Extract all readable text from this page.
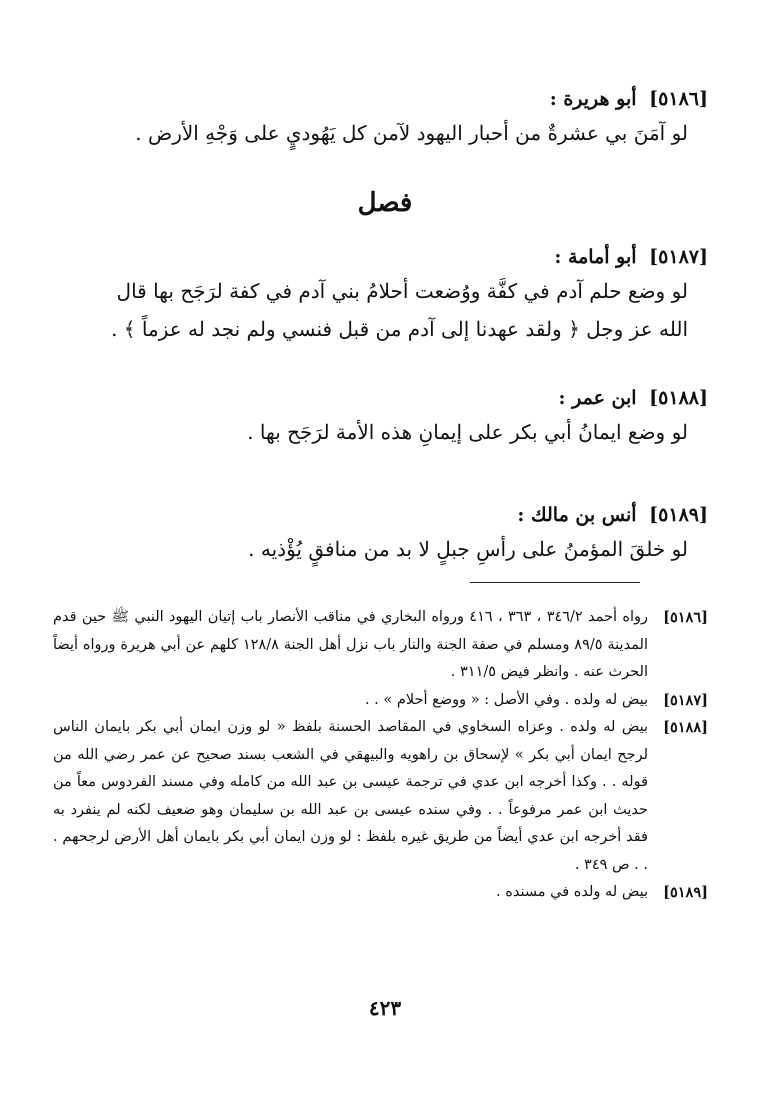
[٥١٨٦] أبو هريرة :
لو آمَنَ بي عشرةٌ من أحبار اليهود لآمن كل يَهُوديٍ على وَجْهِ الأرض .
فصل
[٥١٨٧] أبو أمامة :
لو وضع حلم آدم في كفَّة ووُضعت أحلامُ بني آدم في كفة لرَجَح بها قال
الله عز وجل ﴿ ولقد عهدنا إلى آدم من قبل فنسي ولم نجد له عزماً ﴾ .
[٥١٨٨] ابن عمر :
لو وضع ايمانُ أبي بكر على إيمانِ هذه الأمة لرَجَح بها .
[٥١٨٩] أنس بن مالك :
لو خلقَ المؤمنُ على رأسِ جبلٍ لا بد من منافقٍ يُؤْذيه .
[٥١٨٦]
رواه أحمد ٣٤٦/٢ ، ٣٦٣ ، ٤١٦ ورواه البخاري في مناقب الأنصار باب إتيان اليهود النبي ﷺ حين قدم المدينة ٨٩/٥ ومسلم في صفة الجنة والنار باب نزل أهل الجنة ١٢٨/٨ كلهم عن أبي هريرة ورواه أيضاً الحرث عنه . وانظر فيض ٣١١/٥ .
[٥١٨٧]
بيض له ولده . وفي الأصل : « ووضع أحلام » . .
[٥١٨٨]
بيض له ولده . وعزاه السخاوي في المقاصد الحسنة بلفظ « لو وزن ايمان أبي بكر بايمان الناس لرجح ايمان أبي بكر » لإسحاق بن راهويه والبيهقي في الشعب بسند صحيح عن عمر رضي الله من قوله . . وكذا أخرجه ابن عدي في ترجمة عيسى بن عبد الله من كامله وفي مسند الفردوس معاً من حديث ابن عمر مرفوعاً . . وفي سنده عيسى بن عبد الله بن سليمان وهو ضعيف لكنه لم ينفرد به فقد أخرجه ابن عدي أيضاً من طريق غيره بلفظ : لو وزن ايمان أبي بكر بايمان أهل الأرض لرجحهم . . . ص ٣٤٩ .
[٥١٨٩]
بيض له ولده في مسنده .
٤٢٣
